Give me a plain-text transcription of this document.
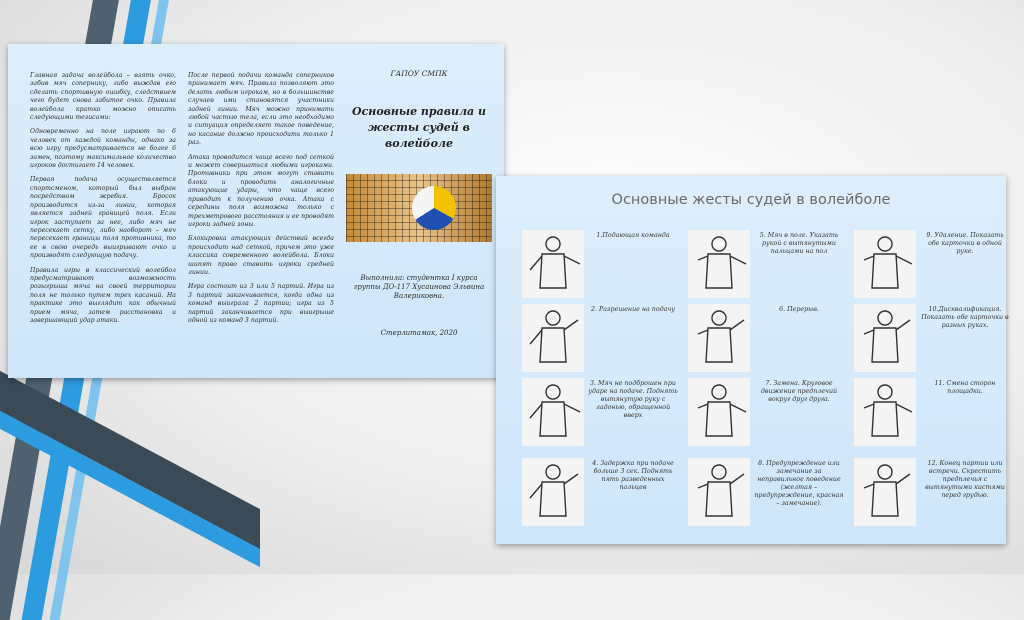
Главная задача волейбола – взять очко, забив мяч сопернику, либо выждав его сделать спортивную ошибку, следствием чего будет снова забитое очко. Правила волейбола кратко можно описать следующими тезисами:

Одновременно на поле играют по 6 человек от каждой команды, однако за всю игру предусматривается не более 6 замен, поэтому максимальное количество игроков достигает 14 человек.

Первая подача осуществляется спортсменом, который был выбран посредством жребия. Бросок производится из-за линии, которая является задней границей поля. Если игрок заступает за нее, либо мяч не пересекает сетку, либо наоборот – мяч пересекает границы поля противника, то ее в свою очередь выигрывают очко и производят следующую подачу.

Правила игры в классический волейбол предусматривают возможность розыгрыша мяча на своей территории поля не только путем трех касаний. На практике это выглядит как обычный прием мяча, затем расстановка и завершающий удар атаки.

После первой подачи команда соперников принимает мяч. Правила позволяют это делать любым игрокам, но в большинстве случаев ими становятся участники задней линии. Мяч можно принимать любой частью тела, если это необходимо и ситуация определяет такое поведение, но касание должно происходить только 1 раз.

Атака проводится чаще всего под сеткой и может совершаться любыми игроками. Противники при этом могут ставить блоки и проводить аналогичные атакующие удары, что чаще всего приводит к получению очка. Атака с середины поля возможна только с трехметрового расстояния и ее проводят игроки задней зоны.

Блокировка атакующих действий всегда происходит над сеткой, причем это уже классика современного волейбола. Блоки шипят право ставить игроки средней линии.

Игра состоит из 3 или 5 партий. Игра из 3 партий заканчивается, когда одна из команд выиграла 2 партии; игра из 5 партий заканчивается при выигрыше одной из команд 3 партий.

ГАПОУ СМПК
Основные правила и жесты судей в волейболе
Выполнила: студентка I курса группы ДО-117 Хусаинова Эльвина Валериковна.
Стерлитамак, 2020
Основные жесты судей в волейболе
1.Подающая команда	5. Мяч в поле. Указать рукой с вытянутыми пальцами на пол
9. Удаление. Показать обе карточки в одной руке.
2. Разрешение на подачу	6. Перерыв.	10.Дисквалификация. Показать обе карточки в разных руках.
3. Мяч не подброшен при ударе на подаче. Поднять вытянутую руку с ладонью, обращенной вверх
7. Замена. Круговое движение предплечий вокруг друг друга.
11. Смена сторон площадки.
4. Задержка при подаче больше 3 сек. Поднять пять разведенных пальцев
8. Предупреждение или замечание за неправильное поведение (желтая –предупреждение, красная – замечание).
12. Конец партии или встречи. Скрестить предплечья с вытянутыми кистями перед грудью.
